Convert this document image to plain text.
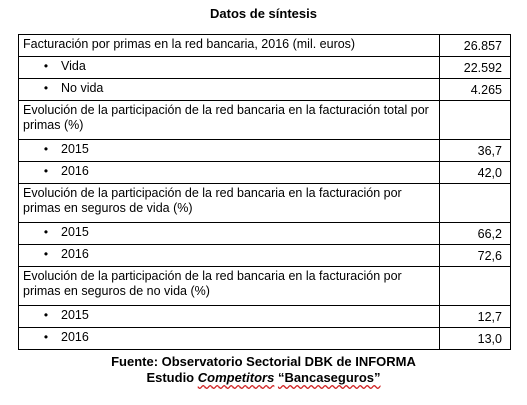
Datos de síntesis
Facturación por primas en la red bancaria, 2016 (mil. euros)	26.857
•Vida	22.592
•No vida	4.265
Evolución de la participación de la red bancaria en la facturación total por primas (%)	
•2015	36,7
•2016	42,0
Evolución de la participación de la red bancaria en la facturación por primas en seguros de vida (%)	
•2015	66,2
•2016	72,6
Evolución de la participación de la red bancaria en la facturación por primas en seguros de no vida (%)	
•2015	12,7
•2016	13,0
Fuente: Observatorio Sectorial DBK de INFORMA
Estudio Competitors “Bancaseguros”
